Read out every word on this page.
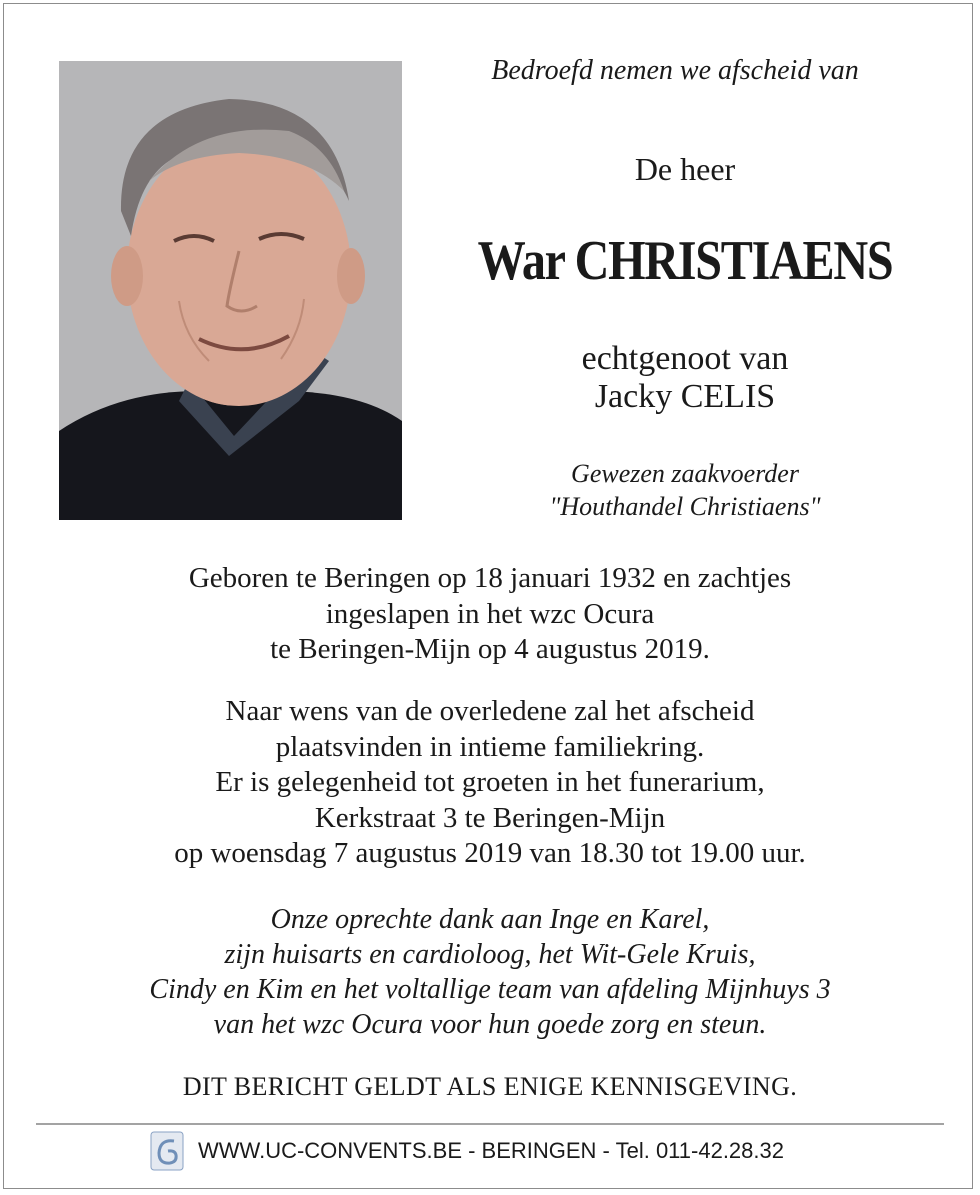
Bedroefd nemen we afscheid van
De heer
War CHRISTIAENS
echtgenoot van
Jacky CELIS
Gewezen zaakvoerder
"Houthandel Christiaens"
Geboren te Beringen op 18 januari 1932 en zachtjes
ingeslapen in het wzc Ocura
te Beringen-Mijn op 4 augustus 2019.
Naar wens van de overledene zal het afscheid
plaatsvinden in intieme familiekring.
Er is gelegenheid tot groeten in het funerarium,
Kerkstraat 3 te Beringen-Mijn
op woensdag 7 augustus 2019 van 18.30 tot 19.00 uur.
Onze oprechte dank aan Inge en Karel,
zijn huisarts en cardioloog, het Wit-Gele Kruis,
Cindy en Kim en het voltallige team van afdeling Mijnhuys 3
van het wzc Ocura voor hun goede zorg en steun.
DIT BERICHT GELDT ALS ENIGE KENNISGEVING.
WWW.UC-CONVENTS.BE - BERINGEN - Tel. 011-42.28.32
